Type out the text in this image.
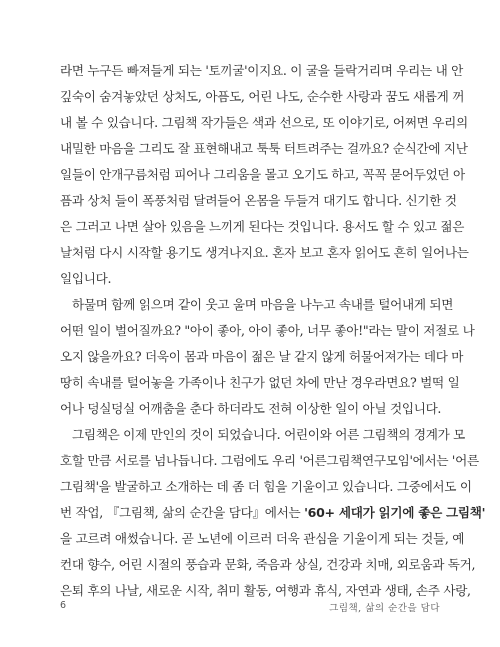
라면 누구든 빠져들게 되는 '토끼굴'이지요. 이 굴을 들락거리며 우리는 내 안
깊숙이 숨겨놓았던 상처도, 아픔도, 어린 나도, 순수한 사랑과 꿈도 새롭게 꺼
내 볼 수 있습니다. 그림책 작가들은 색과 선으로, 또 이야기로, 어쩌면 우리의
내밀한 마음을 그리도 잘 표현해내고 툭툭 터트려주는 걸까요? 순식간에 지난
일들이 안개구름처럼 피어나 그리움을 몰고 오기도 하고, 꼭꼭 묻어두었던 아
픔과 상처 들이 폭풍처럼 달려들어 온몸을 두들겨 대기도 합니다. 신기한 것
은 그러고 나면 살아 있음을 느끼게 된다는 것입니다. 용서도 할 수 있고 젊은
날처럼 다시 시작할 용기도 생겨나지요. 혼자 보고 혼자 읽어도 흔히 일어나는
일입니다.
하물며 함께 읽으며 같이 웃고 울며 마음을 나누고 속내를 털어내게 되면
어떤 일이 벌어질까요? "아이 좋아, 아이 좋아, 너무 좋아!"라는 말이 저절로 나
오지 않을까요? 더욱이 몸과 마음이 젊은 날 같지 않게 허물어져가는 데다 마
땅히 속내를 털어놓을 가족이나 친구가 없던 차에 만난 경우라면요? 벌떡 일
어나 덩실덩실 어깨춤을 춘다 하더라도 전혀 이상한 일이 아닐 것입니다.
그림책은 이제 만인의 것이 되었습니다. 어린이와 어른 그림책의 경계가 모
호할 만큼 서로를 넘나듭니다. 그럼에도 우리 '어른그림책연구모임'에서는 '어른
그림책'을 발굴하고 소개하는 데 좀 더 힘을 기울이고 있습니다. 그중에서도 이
번 작업, 『그림책, 삶의 순간을 담다』에서는 '60+ 세대가 읽기에 좋은 그림책'
을 고르려 애썼습니다. 곧 노년에 이르러 더욱 관심을 기울이게 되는 것들, 예
컨대 향수, 어린 시절의 풍습과 문화, 죽음과 상실, 건강과 치매, 외로움과 독거,
은퇴 후의 나날, 새로운 시작, 취미 활동, 여행과 휴식, 자연과 생태, 손주 사랑,
6	그림책, 삶의 순간을 담다
